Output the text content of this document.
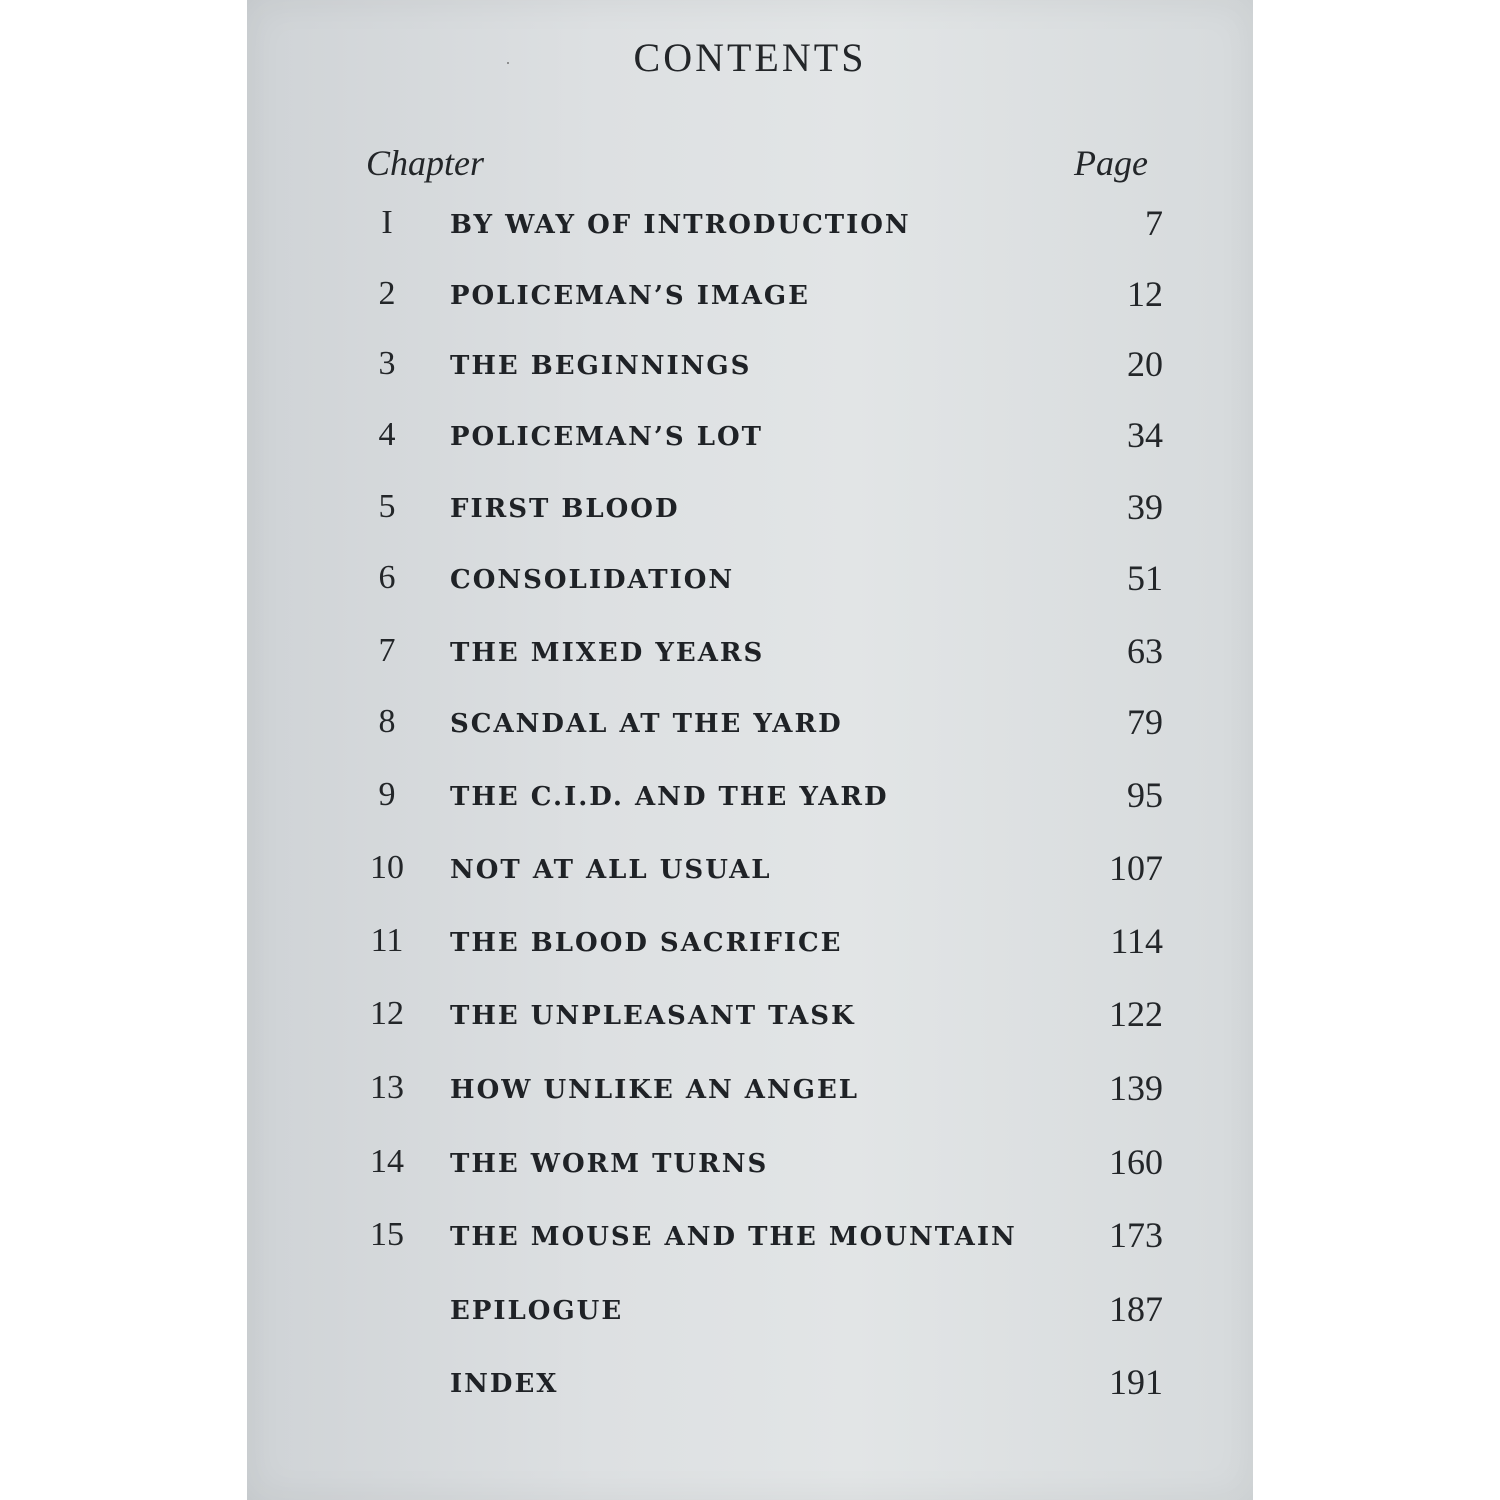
CONTENTS
Chapter	Page
I	BY WAY OF INTRODUCTION	7
2	POLICEMAN’S IMAGE	12
3	THE BEGINNINGS	20
4	POLICEMAN’S LOT	34
5	FIRST BLOOD	39
6	CONSOLIDATION	51
7	THE MIXED YEARS	63
8	SCANDAL AT THE YARD	79
9	THE C.I.D. AND THE YARD	95
10	NOT AT ALL USUAL	107
11	THE BLOOD SACRIFICE	114
12	THE UNPLEASANT TASK	122
13	HOW UNLIKE AN ANGEL	139
14	THE WORM TURNS	160
15	THE MOUSE AND THE MOUNTAIN	173
EPILOGUE	187
INDEX	191
